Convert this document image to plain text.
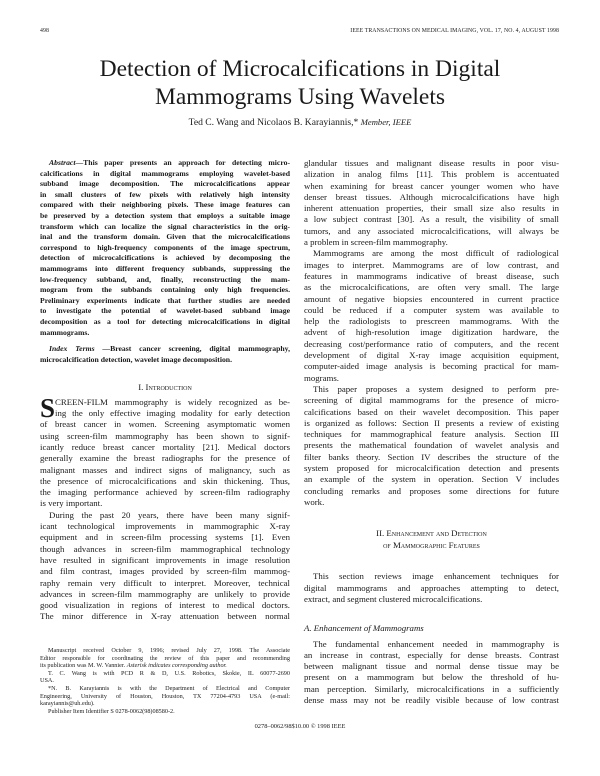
498	IEEE TRANSACTIONS ON MEDICAL IMAGING, VOL. 17, NO. 4, AUGUST 1998
Detection of Microcalcifications in Digital
Mammograms Using Wavelets
Ted C. Wang and Nicolaos B. Karayiannis,* Member, IEEE
Abstract—This paper presents an approach for detecting micro-
calcifications in digital mammograms employing wavelet-based
subband image decomposition. The microcalcifications appear
in small clusters of few pixels with relatively high intensity
compared with their neighboring pixels. These image features can
be preserved by a detection system that employs a suitable image
transform which can localize the signal characteristics in the orig-
inal and the transform domain. Given that the microcalcifications
correspond to high-frequency components of the image spectrum,
detection of microcalcifications is achieved by decomposing the
mammograms into different frequency subbands, suppressing the
low-frequency subband, and, finally, reconstructing the mam-
mogram from the subbands containing only high frequencies.
Preliminary experiments indicate that further studies are needed
to investigate the potential of wavelet-based subband image
decomposition as a tool for detecting microcalcifications in digital
mammograms.
Index Terms —Breast cancer screening, digital mammography,
microcalcification detection, wavelet image decomposition.
I. Introduction
S CREEN-FILM mammography is widely recognized as be-
ing the only effective imaging modality for early detection
of breast cancer in women. Screening asymptomatic women
using screen-film mammography has been shown to signif-
icantly reduce breast cancer mortality [21]. Medical doctors
generally examine the breast radiographs for the presence of
malignant masses and indirect signs of malignancy, such as
the presence of microcalcifications and skin thickening. Thus,
the imaging performance achieved by screen-film radiography
is very important.
During the past 20 years, there have been many signif-
icant technological improvements in mammographic X-ray
equipment and in screen-film processing systems [1]. Even
though advances in screen-film mammographical technology
have resulted in significant improvements in image resolution
and film contrast, images provided by screen-film mammog-
raphy remain very difficult to interpret. Moreover, technical
advances in screen-film mammography are unlikely to provide
good visualization in regions of interest to medical doctors.
The minor difference in X-ray attenuation between normal
glandular tissues and malignant disease results in poor visu-
alization in analog films [11]. This problem is accentuated
when examining for breast cancer younger women who have
denser breast tissues. Although microcalcifications have high
inherent attenuation properties, their small size also results in
a low subject contrast [30]. As a result, the visibility of small
tumors, and any associated microcalcifications, will always be
a problem in screen-film mammography.
Mammograms are among the most difficult of radiological
images to interpret. Mammograms are of low contrast, and
features in mammograms indicative of breast disease, such
as the microcalcifications, are often very small. The large
amount of negative biopsies encountered in current practice
could be reduced if a computer system was available to
help the radiologists to prescreen mammograms. With the
advent of high-resolution image digitization hardware, the
decreasing cost/performance ratio of computers, and the recent
development of digital X-ray image acquisition equipment,
computer-aided image analysis is becoming practical for mam-
mograms.
This paper proposes a system designed to perform pre-
screening of digital mammograms for the presence of micro-
calcifications based on their wavelet decomposition. This paper
is organized as follows: Section II presents a review of existing
techniques for mammographical feature analysis. Section III
presents the mathematical foundation of wavelet analysis and
filter banks theory. Section IV describes the structure of the
system proposed for microcalcification detection and presents
an example of the system in operation. Section V includes
concluding remarks and proposes some directions for future
work.
II. Enhancement and Detection
of Mammographic Features
This section reviews image enhancement techniques for
digital mammograms and approaches attempting to detect,
extract, and segment clustered microcalcifications.
A. Enhancement of Mammograms
The fundamental enhancement needed in mammography is
an increase in contrast, especially for dense breasts. Contrast
between malignant tissue and normal dense tissue may be
present on a mammogram but below the threshold of hu-
man perception. Similarly, microcalcifications in a sufficiently
dense mass may not be readily visible because of low contrast
Manuscript received October 9, 1996; revised July 27, 1998. The Associate
Editor responsible for coordinating the review of this paper and recommending
its publication was M. W. Vannier. Asterisk indicates corresponding author.
T. C. Wang is with PCD R & D, U.S. Robotics, Skokie, IL 60077-2690
USA.
*N. B. Karayiannis is with the Department of Electrical and Computer
Engineering, University of Houston, Houston, TX 77204-4793 USA (e-mail:
karayiannis@uh.edu).
Publisher Item Identifier S 0278-0062(98)08580-2.
0278–0062/98$10.00 © 1998 IEEE
